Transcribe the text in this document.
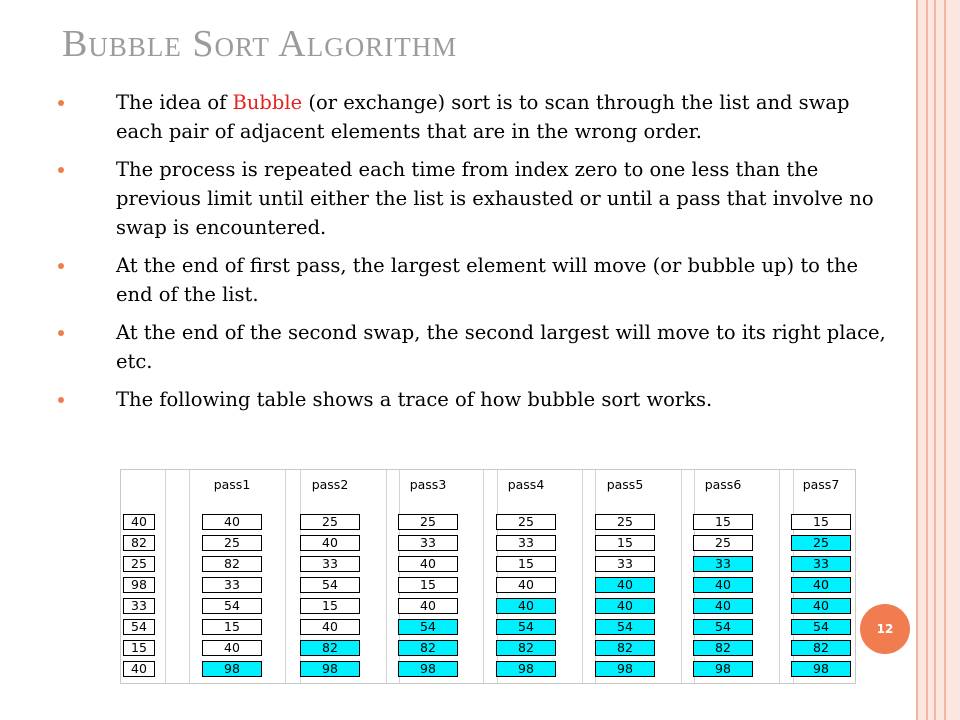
Bubble Sort Algorithm
The idea of Bubble (or exchange) sort is to scan through the list and swap each pair of adjacent elements that are in the wrong order.
The process is repeated each time from index zero to one less than the previous limit until either the list is exhausted or until a pass that involve no swap is encountered.
At the end of first pass, the largest element will move (or bubble up) to the end of the list.
At the end of the second swap, the second largest will move to its right place, etc.
The following table shows a trace of how bubble sort works.
40
82
25
98
33
54
15
40
pass1
40
25
82
33
54
15
40
98
pass2
25
40
33
54
15
40
82
98
pass3
25
33
40
15
40
54
82
98
pass4
25
33
15
40
40
54
82
98
pass5
25
15
33
40
40
54
82
98
pass6
15
25
33
40
40
54
82
98
pass7
15
25
33
40
40
54
82
98
12
